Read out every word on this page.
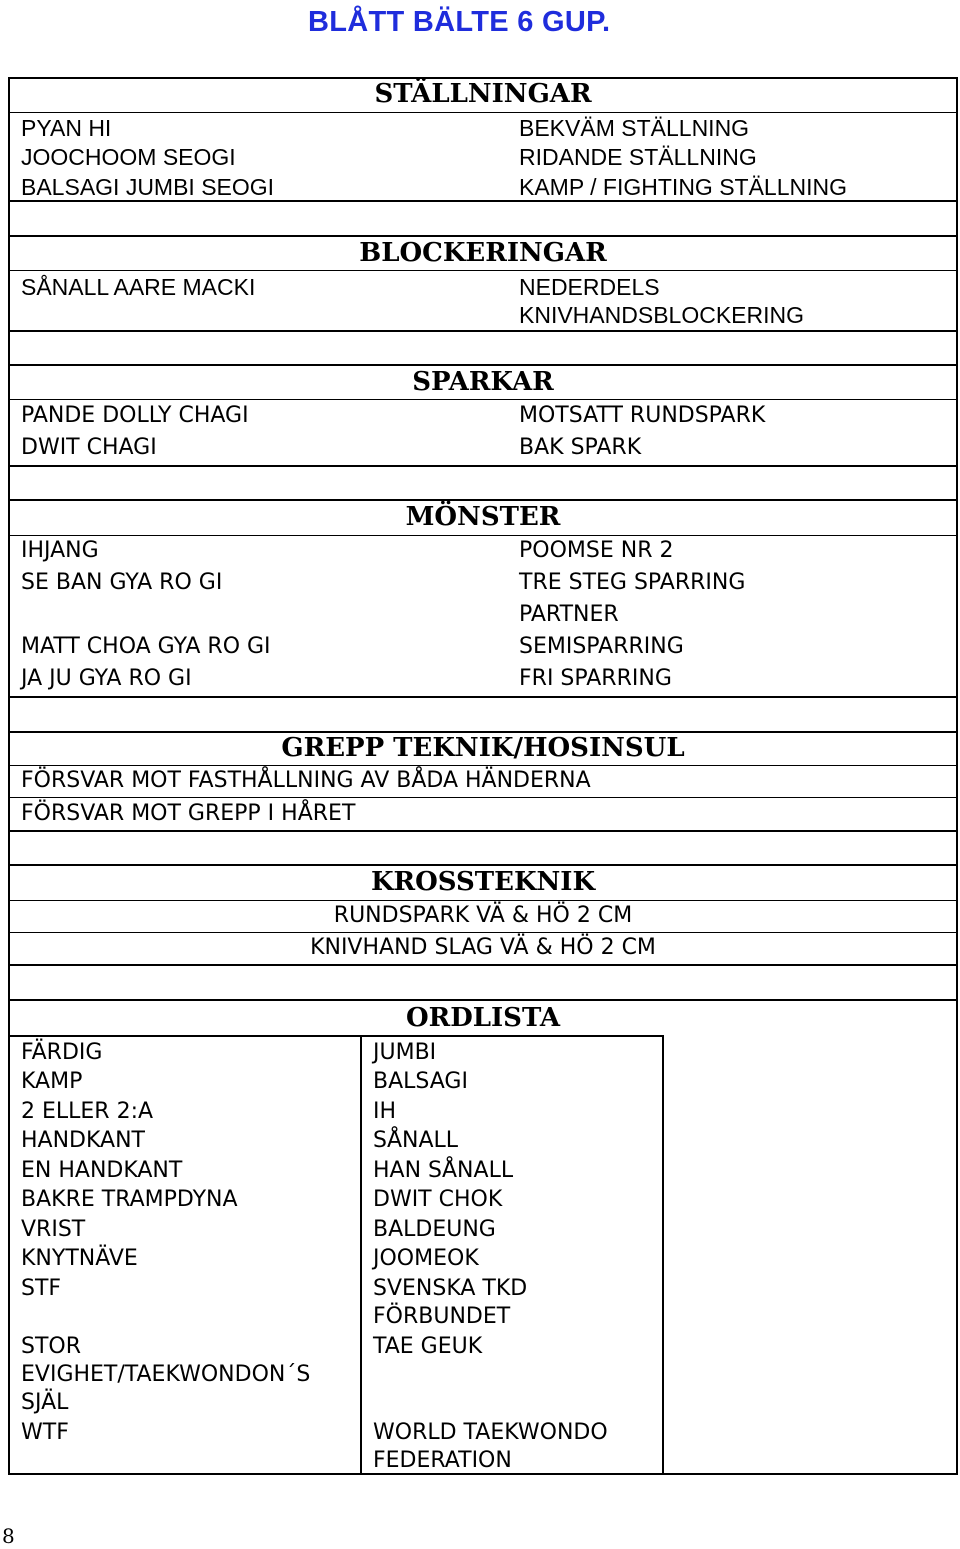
BLÅTT BÄLTE 6 GUP.
STÄLLNINGAR
PYAN HI
JOOCHOOM SEOGI
BALSAGI JUMBI SEOGI
BEKVÄM STÄLLNING
RIDANDE STÄLLNING
KAMP / FIGHTING STÄLLNING
BLOCKERINGAR
SÅNALL AARE MACKI	NEDERDELS
KNIVHANDSBLOCKERING
SPARKAR
PANDE DOLLY CHAGI
DWIT CHAGI
MOTSATT RUNDSPARK
BAK SPARK
MÖNSTER
IHJANG
SE BAN GYA RO GI
MATT CHOA GYA RO GI
JA JU GYA RO GI
POOMSE NR 2
TRE STEG SPARRING
PARTNER
SEMISPARRING
FRI SPARRING
GREPP TEKNIK/HOSINSUL
FÖRSVAR MOT FASTHÅLLNING AV BÅDA HÄNDERNA
FÖRSVAR MOT GREPP I HÅRET
KROSSTEKNIK
RUNDSPARK VÄ & HÖ 2 CM
KNIVHAND SLAG VÄ & HÖ 2 CM
ORDLISTA
FÄRDIG
KAMP
2 ELLER 2:A
HANDKANT
EN HANDKANT
BAKRE TRAMPDYNA
VRIST
KNYTNÄVE
STF
STOR
EVIGHET/TAEKWONDON´S
SJÄL
WTF
JUMBI
BALSAGI
IH
SÅNALL
HAN SÅNALL
DWIT CHOK
BALDEUNG
JOOMEOK
SVENSKA TKD
FÖRBUNDET
TAE GEUK
WORLD TAEKWONDO
FEDERATION
8
